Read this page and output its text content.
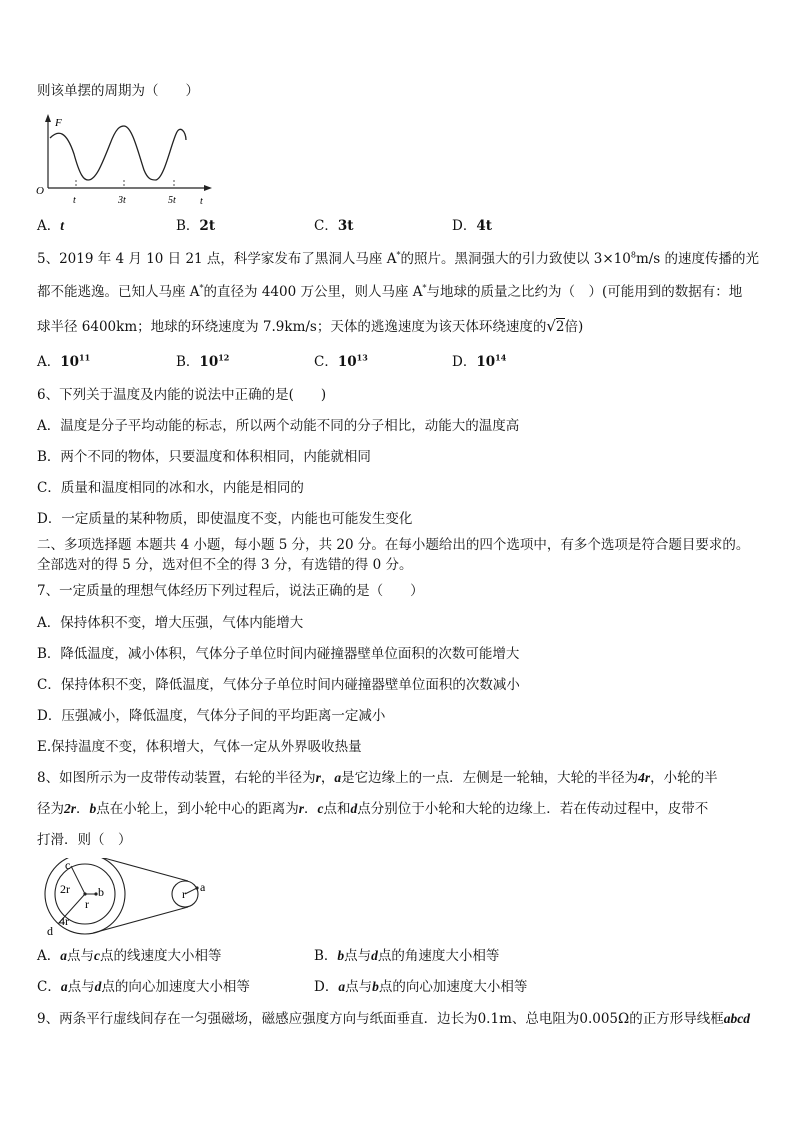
则该单摆的周期为（　　）
F
O
t
t	3t	5t
A．t	B．2t	C．3t	D．4t
5、2019 年 4 月 10 日 21 点，科学家发布了黑洞人马座 A*的照片。黑洞强大的引力致使以 $3\times 10^8m/s$ 的速度传播的光
都不能逃逸。已知人马座 A*的直径为 4400 万公里，则人马座 A*与地球的质量之比约为（　）(可能用到的数据有：地
球半径 6400km；地球的环绕速度为 7.9km/s；天体的逃逸速度为该天体环绕速度的√2倍)
A．$10^{11}$	B．$10^{12}$	C．$10^{13}$	D．$10^{14}$
6、下列关于温度及内能的说法中正确的是(　　)
A．温度是分子平均动能的标志，所以两个动能不同的分子相比，动能大的温度高
B．两个不同的物体，只要温度和体积相同，内能就相同
C．质量和温度相同的冰和水，内能是相同的
D．一定质量的某种物质，即使温度不变，内能也可能发生变化
二、多项选择题 本题共 4 小题，每小题 5 分，共 20 分。在每小题给出的四个选项中，有多个选项是符合题目要求的。
全部选对的得 5 分，选对但不全的得 3 分，有选错的得 0 分。
7、一定质量的理想气体经历下列过程后，说法正确的是（　　）
A．保持体积不变，增大压强，气体内能增大
B．降低温度，减小体积，气体分子单位时间内碰撞器壁单位面积的次数可能增大
C．保持体积不变，降低温度，气体分子单位时间内碰撞器壁单位面积的次数减小
D．压强减小，降低温度，气体分子间的平均距离一定减小
E.保持温度不变，体积增大，气体一定从外界吸收热量
8、如图所示为一皮带传动装置，右轮的半径为r，a是它边缘上的一点．左侧是一轮轴，大轮的半径为4r，小轮的半
径为2r．b点在小轮上，到小轮中心的距离为r．c点和d点分别位于小轮和大轮的边缘上．若在传动过程中，皮带不
打滑．则（　）
c
2r b
r
4r
d
r a
A．a点与c点的线速度大小相等	B．b点与d点的角速度大小相等
C．a点与d点的向心加速度大小相等	D．a点与b点的向心加速度大小相等
9、两条平行虚线间存在一匀强磁场，磁感应强度方向与纸面垂直．边长为0.1m、总电阻为0.005Ω的正方形导线框abcd
